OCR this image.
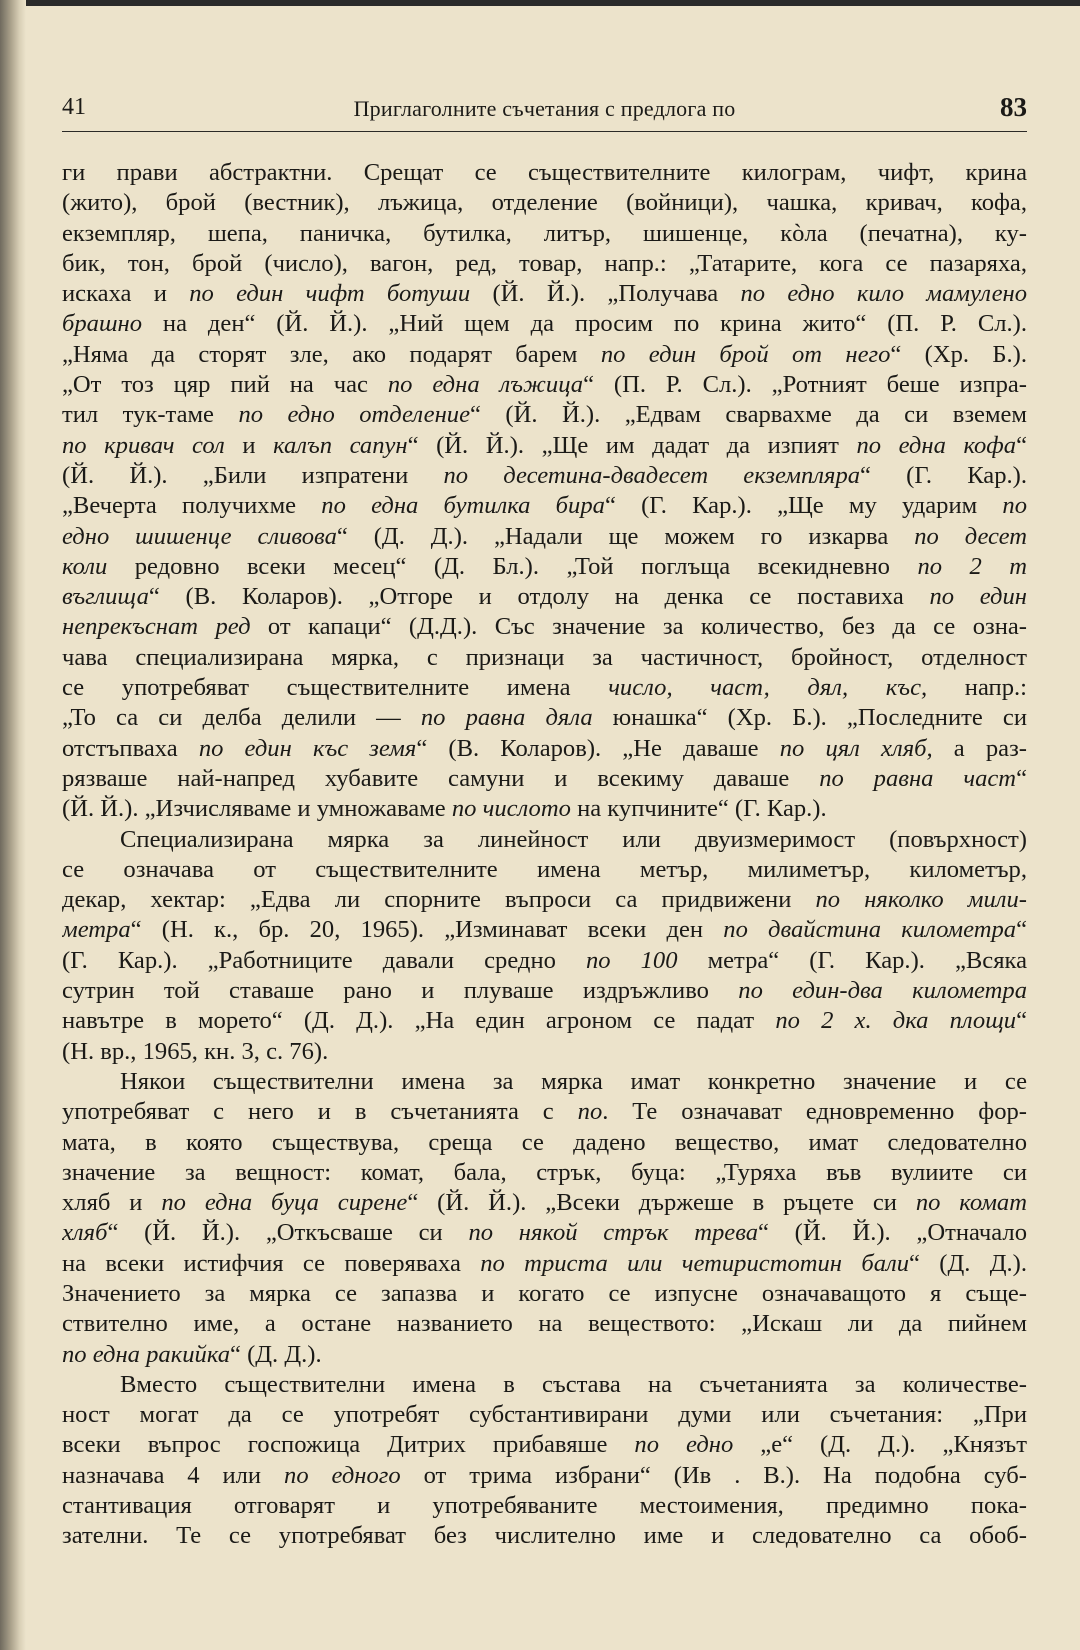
41	Приглаголните съчетания с предлога по	83
ги прави абстрактни. Срещат се съществителните килограм, чифт, крина
(жито), брой (вестник), лъжица, отделение (войници), чашка, кривач, кофа,
екземпляр, шепа, паничка, бутилка, литър, шишенце, кòла (печатна), ку-
бик, тон, брой (число), вагон, ред, товар, напр.: „Татарите, кога се пазаряха,
искаха и по един чифт ботуши (Й. Й.). „Получава по едно кило мамулено
брашно на ден“ (Й. Й.). „Ний щем да просим по крина жито“ (П. Р. Сл.).
„Няма да сторят зле, ако подарят барем по един брой от него“ (Хр. Б.).
„От тоз цяр пий на час по една лъжица“ (П. Р. Сл.). „Ротният беше изпра-
тил тук-таме по едно отделение“ (Й. Й.). „Едвам сварвахме да си вземем
по кривач сол и калъп сапун“ (Й. Й.). „Ще им дадат да изпият по една кофа“
(Й. Й.). „Били изпратени по десетина-двадесет екземпляра“ (Г. Кар.).
„Вечерта получихме по една бутилка бира“ (Г. Кар.). „Ще му ударим по
едно шишенце сливова“ (Д. Д.). „Надали ще можем го изкарва по десет
коли редовно всеки месец“ (Д. Бл.). „Той поглъща всекидневно по 2 т
въглища“ (В. Коларов). „Отгоре и отдолу на денка се поставиха по един
непрекъснат ред от капаци“ (Д.Д.). Със значение за количество, без да се озна-
чава специализирана мярка, с признаци за частичност, бройност, отделност
се употребяват съществителните имена число, част, дял, къс, напр.:
„То са си делба делили — по равна дяла юнашка“ (Хр. Б.). „Последните си
отстъпваха по един къс земя“ (В. Коларов). „Не даваше по цял хляб, а раз-
рязваше най-напред хубавите самуни и всекиму даваше по равна част“
(Й. Й.). „Изчисляваме и умножаваме по числото на купчините“ (Г. Кар.).
Специализирана мярка за линейност или двуизмеримост (повърхност)
се означава от съществителните имена метър, милиметър, километър,
декар, хектар: „Едва ли спорните въпроси са придвижени по няколко мили-
метра“ (Н. к., бр. 20, 1965). „Изминават всеки ден по двайстина километра“
(Г. Кар.). „Работниците давали средно по 100 метра“ (Г. Кар.). „Всяка
сутрин той ставаше рано и плуваше издръжливо по един-два километра
навътре в морето“ (Д. Д.). „На един агроном се падат по 2 х. дка площи“
(Н. вр., 1965, кн. 3, с. 76).
Някои съществителни имена за мярка имат конкретно значение и се
употребяват с него и в съчетанията с по. Те означават едновременно фор-
мата, в която съществува, среща се дадено вещество, имат следователно
значение за вещност: комат, бала, стрък, буца: „Туряха във вулиите си
хляб и по една буца сирене“ (Й. Й.). „Всеки държеше в ръцете си по комат
хляб“ (Й. Й.). „Откъсваше си по някой стрък трева“ (Й. Й.). „Отначало
на всеки истифчия се поверяваха по триста или четиристотин бали“ (Д. Д.).
Значението за мярка се запазва и когато се изпусне означаващото я съще-
ствително име, а остане названието на веществото: „Искаш ли да пийнем
по една ракийка“ (Д. Д.).
Вместо съществителни имена в състава на съчетанията за количестве-
ност могат да се употребят субстантивирани думи или съчетания: „При
всеки въпрос госпожица Дитрих прибавяше по едно „е“ (Д. Д.). „Князът
назначава 4 или по едного от трима избрани“ (Ив . В.). На подобна суб-
стантивация отговарят и употребяваните местоимения, предимно пока-
зателни. Те се употребяват без числително име и следователно са обоб-
